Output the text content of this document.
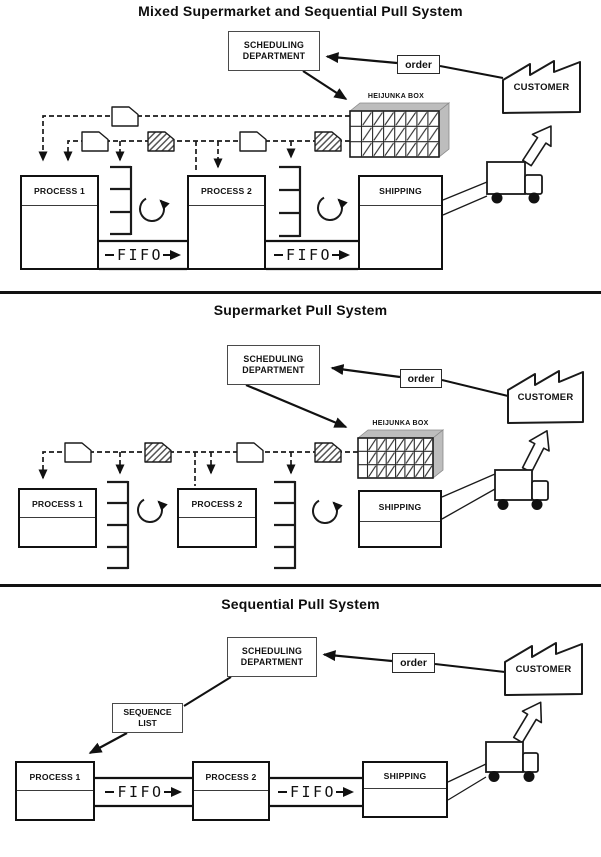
Mixed Supermarket and Sequential Pull System
SCHEDULING DEPARTMENT
order
CUSTOMER
HEIJUNKA BOX
PROCESS 1	PROCESS 2	SHIPPING
FIFO	FIFO
Supermarket Pull System
SCHEDULING DEPARTMENT
order
CUSTOMER
HEIJUNKA BOX
PROCESS 1	PROCESS 2	SHIPPING
Sequential Pull System
SCHEDULING DEPARTMENT	order
CUSTOMER
SEQUENCE LIST
PROCESS 1	PROCESS 2	SHIPPING
FIFO	FIFO
